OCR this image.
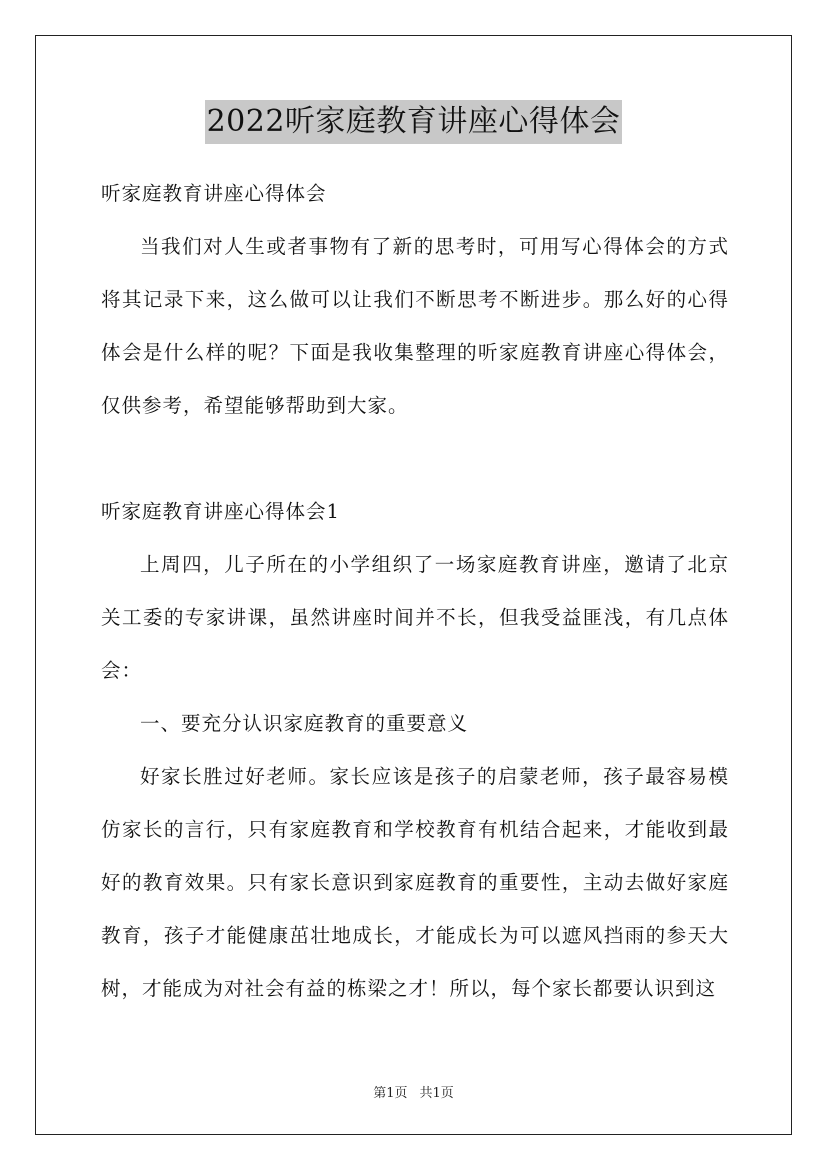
2022听家庭教育讲座心得体会

听家庭教育讲座心得体会

当我们对人生或者事物有了新的思考时，可用写心得体会的方式将其记录下来，这么做可以让我们不断思考不断进步。那么好的心得体会是什么样的呢？下面是我收集整理的听家庭教育讲座心得体会，仅供参考，希望能够帮助到大家。

听家庭教育讲座心得体会1

上周四，儿子所在的小学组织了一场家庭教育讲座，邀请了北京关工委的专家讲课，虽然讲座时间并不长，但我受益匪浅，有几点体会：

一、要充分认识家庭教育的重要意义

好家长胜过好老师。家长应该是孩子的启蒙老师，孩子最容易模仿家长的言行，只有家庭教育和学校教育有机结合起来，才能收到最好的教育效果。只有家长意识到家庭教育的重要性，主动去做好家庭教育，孩子才能健康茁壮地成长，才能成长为可以遮风挡雨的参天大树，才能成为对社会有益的栋梁之才！所以，每个家长都要认识到这

第1页 共1页
